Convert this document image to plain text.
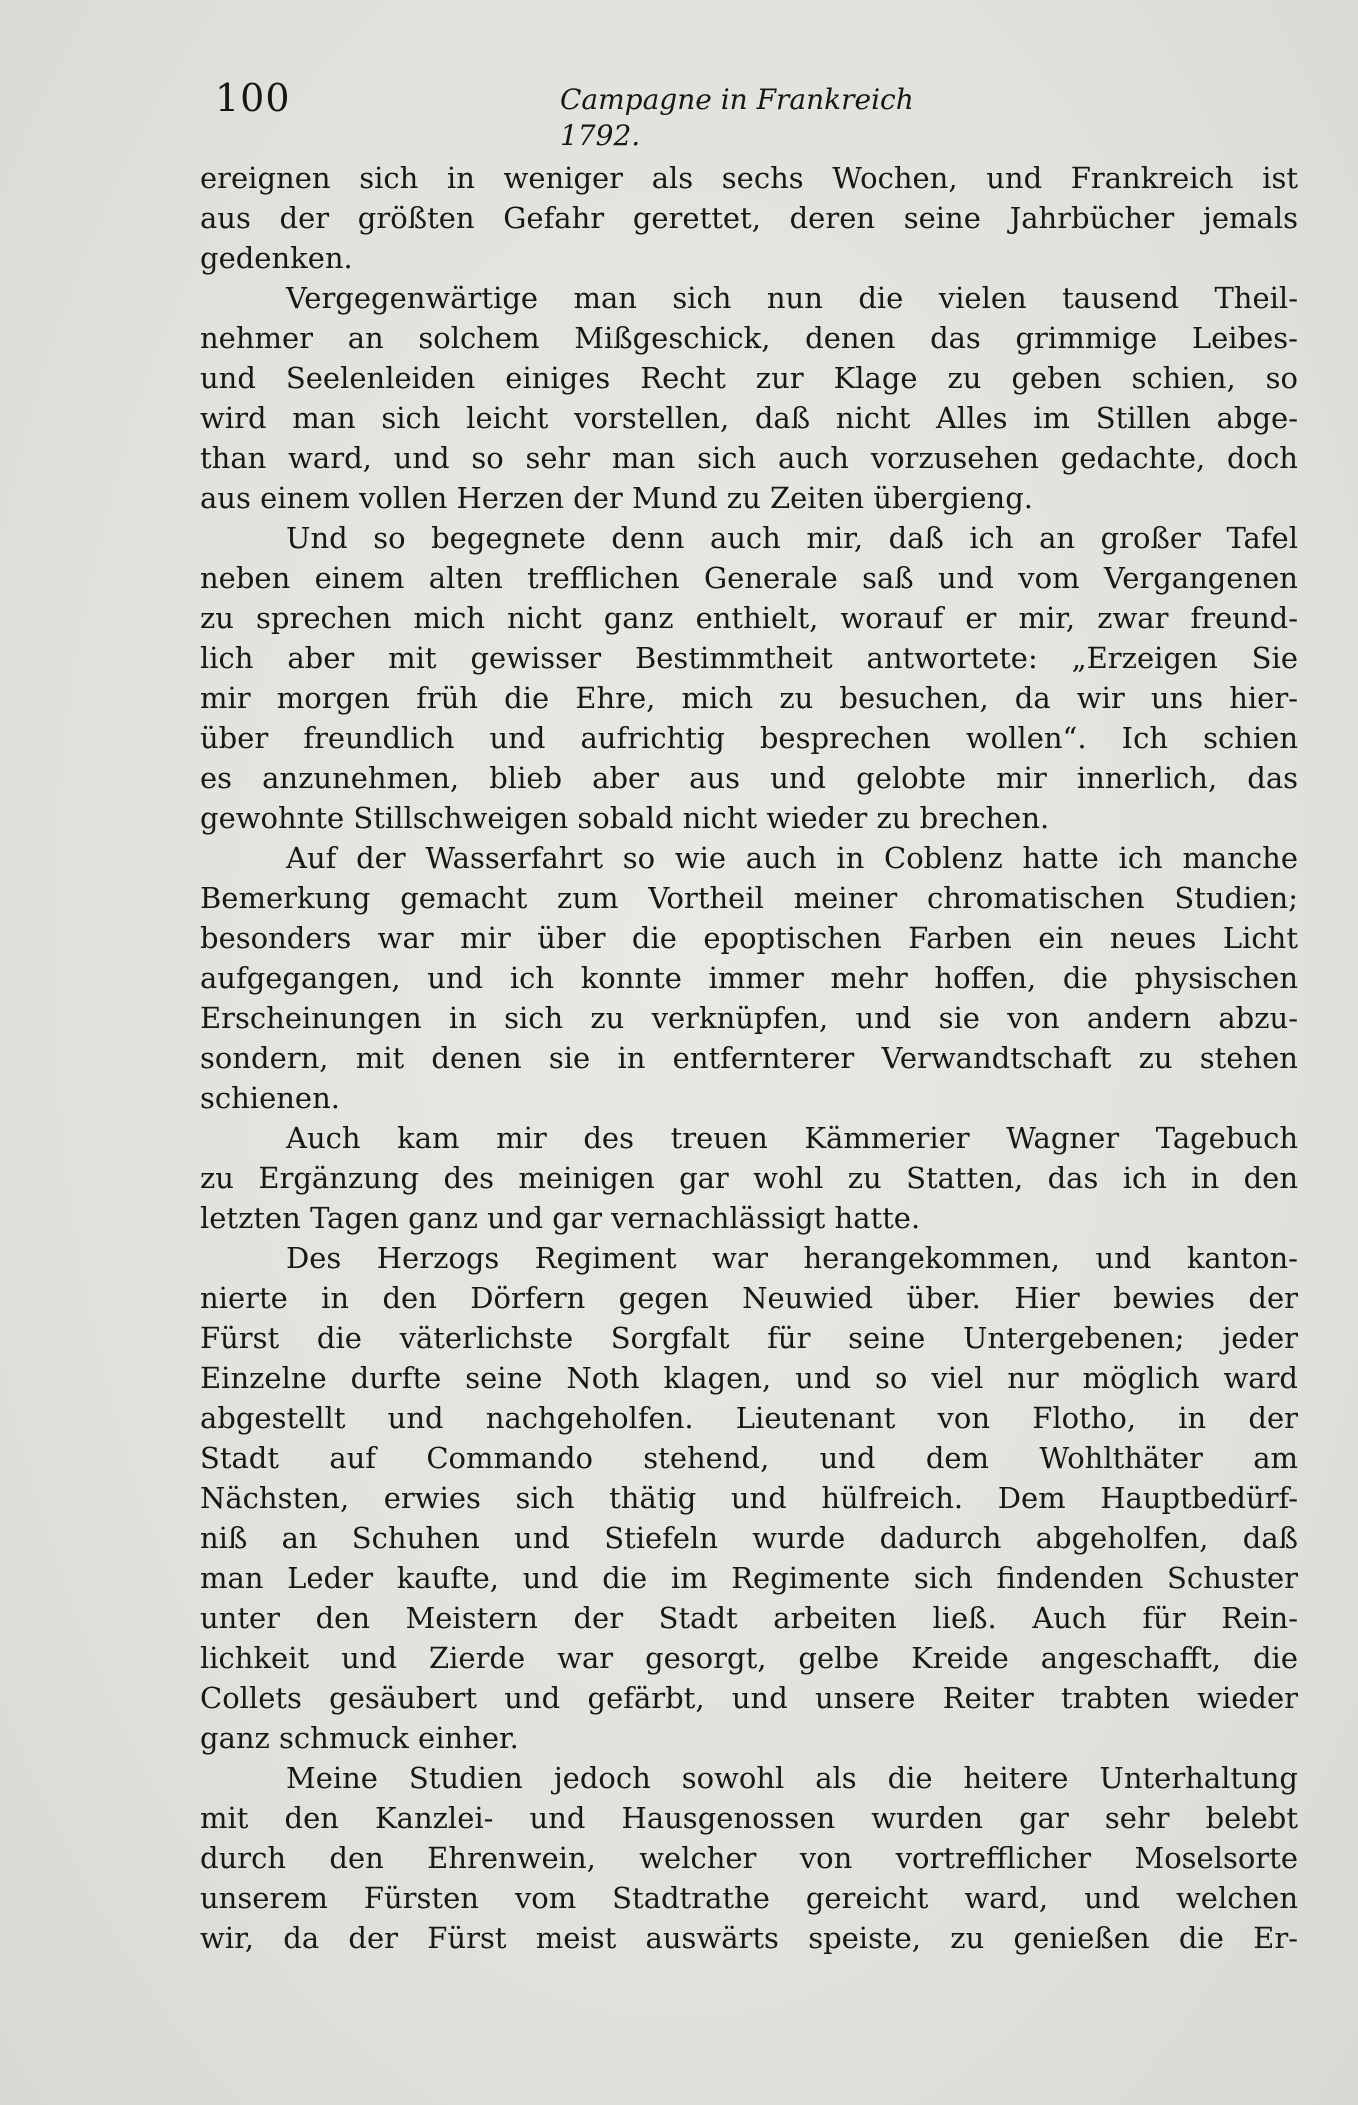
100	Campagne in Frankreich 1792.
ereignen sich in weniger als sechs Wochen, und Frankreich ist
aus der größten Gefahr gerettet, deren seine Jahrbücher jemals
gedenken.
Vergegenwärtige man sich nun die vielen tausend Theil-
nehmer an solchem Mißgeschick, denen das grimmige Leibes-
und Seelenleiden einiges Recht zur Klage zu geben schien, so
wird man sich leicht vorstellen, daß nicht Alles im Stillen abge-
than ward, und so sehr man sich auch vorzusehen gedachte, doch
aus einem vollen Herzen der Mund zu Zeiten übergieng.
Und so begegnete denn auch mir, daß ich an großer Tafel
neben einem alten trefflichen Generale saß und vom Vergangenen
zu sprechen mich nicht ganz enthielt, worauf er mir, zwar freund-
lich aber mit gewisser Bestimmtheit antwortete: „Erzeigen Sie
mir morgen früh die Ehre, mich zu besuchen, da wir uns hier-
über freundlich und aufrichtig besprechen wollen“. Ich schien
es anzunehmen, blieb aber aus und gelobte mir innerlich, das
gewohnte Stillschweigen sobald nicht wieder zu brechen.
Auf der Wasserfahrt so wie auch in Coblenz hatte ich manche
Bemerkung gemacht zum Vortheil meiner chromatischen Studien;
besonders war mir über die epoptischen Farben ein neues Licht
aufgegangen, und ich konnte immer mehr hoffen, die physischen
Erscheinungen in sich zu verknüpfen, und sie von andern abzu-
sondern, mit denen sie in entfernterer Verwandtschaft zu stehen
schienen.
Auch kam mir des treuen Kämmerier Wagner Tagebuch
zu Ergänzung des meinigen gar wohl zu Statten, das ich in den
letzten Tagen ganz und gar vernachlässigt hatte.
Des Herzogs Regiment war herangekommen, und kanton-
nierte in den Dörfern gegen Neuwied über. Hier bewies der
Fürst die väterlichste Sorgfalt für seine Untergebenen; jeder
Einzelne durfte seine Noth klagen, und so viel nur möglich ward
abgestellt und nachgeholfen. Lieutenant von Flotho, in der
Stadt auf Commando stehend, und dem Wohlthäter am
Nächsten, erwies sich thätig und hülfreich. Dem Hauptbedürf-
niß an Schuhen und Stiefeln wurde dadurch abgeholfen, daß
man Leder kaufte, und die im Regimente sich findenden Schuster
unter den Meistern der Stadt arbeiten ließ. Auch für Rein-
lichkeit und Zierde war gesorgt, gelbe Kreide angeschafft, die
Collets gesäubert und gefärbt, und unsere Reiter trabten wieder
ganz schmuck einher.
Meine Studien jedoch sowohl als die heitere Unterhaltung
mit den Kanzlei- und Hausgenossen wurden gar sehr belebt
durch den Ehrenwein, welcher von vortrefflicher Moselsorte
unserem Fürsten vom Stadtrathe gereicht ward, und welchen
wir, da der Fürst meist auswärts speiste, zu genießen die Er-
